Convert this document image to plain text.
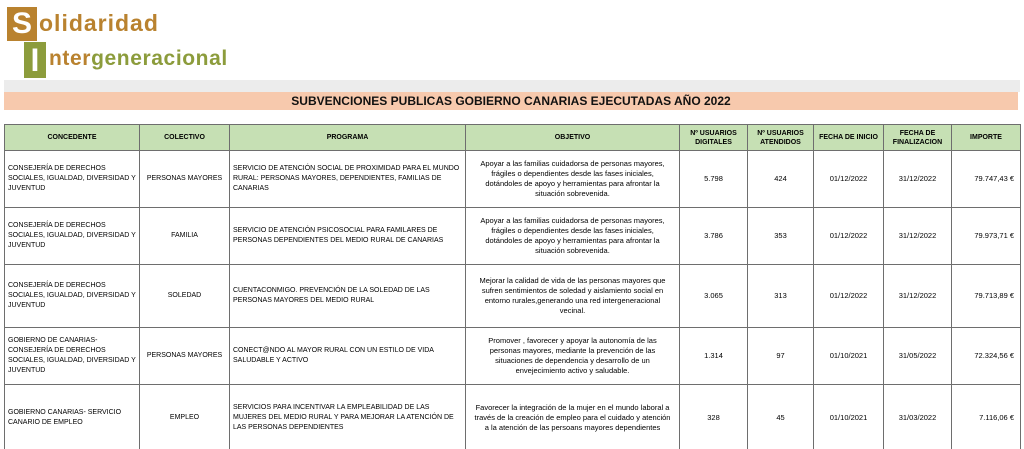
S olidaridad
I ntergeneracional
SUBVENCIONES PUBLICAS GOBIERNO CANARIAS EJECUTADAS AÑO 2022
CONCEDENTE	COLECTIVO	PROGRAMA	OBJETIVO	Nº USUARIOS DIGITALES	Nº USUARIOS ATENDIDOS	FECHA DE INICIO	FECHA DE FINALIZACION	IMPORTE
CONSEJERÍA DE DERECHOS SOCIALES, IGUALDAD, DIVERSIDAD Y JUVENTUD	PERSONAS MAYORES	SERVICIO DE ATENCIÓN SOCIAL DE PROXIMIDAD PARA EL MUNDO RURAL: PERSONAS MAYORES, DEPENDIENTES, FAMILIAS DE CANARIAS	Apoyar a las familias cuidadorsa de personas mayores, frágiles o dependientes desde las fases iniciales, dotándoles de apoyo y herramientas para afrontar la situación sobrevenida.	5.798	424	01/12/2022	31/12/2022	79.747,43 €
CONSEJERÍA DE DERECHOS SOCIALES, IGUALDAD, DIVERSIDAD Y JUVENTUD	FAMILIA	SERVICIO DE ATENCIÓN PSICOSOCIAL PARA FAMILARES DE PERSONAS DEPENDIENTES DEL MEDIO RURAL DE CANARIAS	Apoyar a las familias cuidadorsa de personas mayores, frágiles o dependientes desde las fases iniciales, dotándoles de apoyo y herramientas para afrontar la situación sobrevenida.	3.786	353	01/12/2022	31/12/2022	79.973,71 €
CONSEJERÍA DE DERECHOS SOCIALES, IGUALDAD, DIVERSIDAD Y JUVENTUD	SOLEDAD	CUENTACONMIGO. PREVENCIÓN DE LA SOLEDAD DE LAS PERSONAS MAYORES DEL MEDIO RURAL	Mejorar la calidad de vida de las personas mayores que sufren sentimientos de soledad y aislamiento social en entorno rurales,generando una red intergeneracional vecinal.	3.065	313	01/12/2022	31/12/2022	79.713,89 €
GOBIERNO DE CANARIAS- CONSEJERÍA DE DERECHOS SOCIALES, IGUALDAD, DIVERSIDAD Y JUVENTUD	PERSONAS MAYORES	CONECT@NDO AL MAYOR RURAL CON UN ESTILO DE VIDA SALUDABLE Y ACTIVO	Promover , favorecer y apoyar la autonomía de las personas mayores, mediante la prevención de las situaciones de dependencia y desarrollo de un envejecimiento activo y saludable.	1.314	97	01/10/2021	31/05/2022	72.324,56 €
GOBIERNO CANARIAS- SERVICIO CANARIO DE EMPLEO	EMPLEO	SERVICIOS PARA INCENTIVAR LA EMPLEABILIDAD DE LAS MUJERES DEL MEDIO RURAL Y PARA MEJORAR LA ATENCIÓN DE LAS PERSONAS DEPENDIENTES	Favorecer la integración de la mujer en el mundo laboral a través de la creación de empleo para el cuidado y atención a la atención de las persoans mayores dependientes	328	45	01/10/2021	31/03/2022	7.116,06 €
